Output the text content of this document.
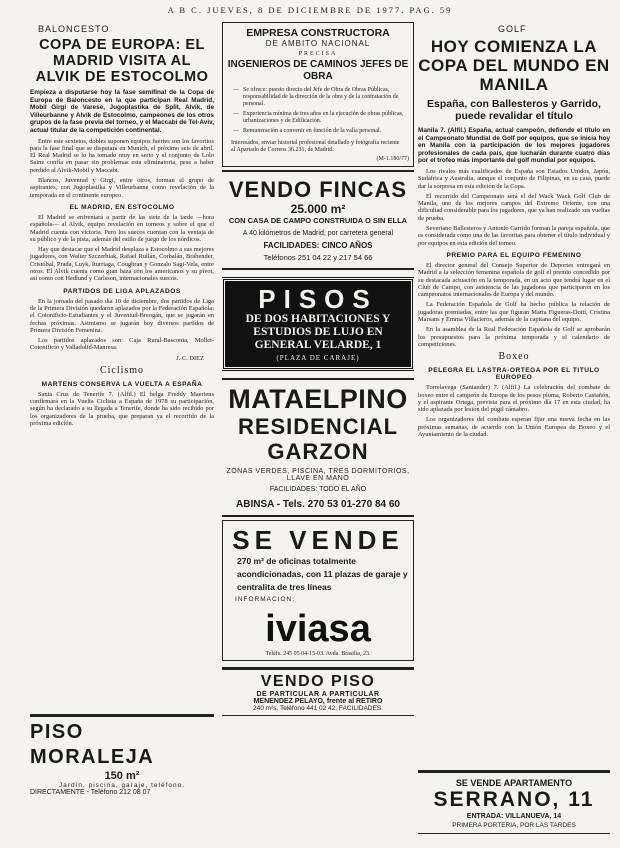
A B C. JUEVES, 8 DE DICIEMBRE DE 1977. PAG. 59
BALONCESTO
COPA DE EUROPA: EL MADRID VISITA AL ALVIK DE ESTOCOLMO

Empieza a disputarse hoy la fase semifinal de la Copa de Europa de Baloncesto en la que participan Real Madrid, Mobil Girgi de Varese, Jugoplastika de Split, Alvik, de Villeurbanne y Alvik de Estocolmo, campeones de los otros grupos de la fase previa del torneo, y el Maccabi de Tel-Aviv, actual titular de la competición continental.

Entre este sextetos, dobles suponen equipos fuertes son los favoritos para la fase final que se disputará en Munich, el próximo seis de abril. El Real Madrid se lo ha tomado muy en serio y el conjunto de Lolo Sainz confía en pasar sin problemas esta eliminatoria, pese a haber perdido al Alvik-Mobil y Maccabi.

Blancos, Juventud y Girgi, entre otros, forman el grupo de aspirantes, con Jugoplastika y Villeurbanne como revelación de la temporada en el continente europeo.

EL MADRID, EN ESTOCOLMO

El Madrid se enfrentará a partir de las siete de la tarde —hora española— al Alvik, equipo revelación en torneos y sobre el que el Madrid cuenta con victoria. Pero los suecos cuentan con la ventaja de su público y de la pista, además del estilo de juego de los nórdicos.

Hay que destacar que el Madrid desplaza a Estocolmo a sus mejores jugadores, con Walter Szczerbiak, Rafael Rullán, Corbalán, Brabender, Cristóbal, Prada, Luyk, Iturriaga, Coughran y Gonzalo Sagi-Vela, entre otros. El Alvik cuenta como gran baza con los americanos y su pívot, así como con Hedlund y Carlsson, internacionales suecos.

PARTIDOS DE LIGA APLAZADOS

En la jornada del pasado día 10 de diciembre, dos partidos de Liga de la Primera División quedaron aplazados por la Federación Española: el Cotonificio-Estudiantes y el Juventud-Breogán, que se jugarán en fechas próximas. Asimismo se jugarán hoy diversos partidos de Primera División Femenina.

Los partidos aplazados son: Caja Rural-Basconia, Mollet-Cotonificio y Valladolid-Manresa.

J. C. DIEZ
Ciclismo
MARTENS CONSERVA LA VUELTA A ESPAÑA

Santa Cruz de Tenerife 7. (Alfil.) El belga Freddy Maertens confirmará en la Vuelta Ciclista a España de 1978 su participación, según ha declarado a su llegada a Tenerife, donde ha sido recibido por los organizadores de la prueba, que preparan ya el recorrido de la próxima edición.

PISO MORALEJA
150 m²
Jardín, piscina, garaje, teléfono.
DIRECTAMENTE - Teléfono 212 08 07
EMPRESA CONSTRUCTORA
DE AMBITO NACIONAL
PRECISA
INGENIEROS DE CAMINOS JEFES DE OBRA
— Se ofrece: puesto directo del Jefe de Obra de Obras Públicas, responsabilidad de la dirección de la obra y de la contratación de personal.
— Experiencia mínima de tres años en la ejecución de obras públicas, urbanizaciones y de Edificación.
— Remuneración a convenir en función de la valía personal.
Interesados, enviar historial profesional detallado y fotografía reciente al Apartado de Correos 36.231, de Madrid.
(M-1.180/77)
VENDO FINCAS
25.000 m²
CON CASA DE CAMPO CONSTRUIDA O SIN ELLA
A 40 kilómetros de Madrid, por carretera general
FACILIDADES: CINCO AÑOS
Teléfonos 251 04 22 y 217 54 66
PISOS
DE DOS HABITACIONES Y ESTUDIOS DE LUJO EN GENERAL VELARDE, 1
(PLAZA DE CARAJE)
MATAELPINO
RESIDENCIAL GARZON
ZONAS VERDES, PISCINA, TRES DORMITORIOS, LLAVE EN MANO
FACILIDADES: TODO EL AÑO
ABINSA - Tels. 270 53 01-270 84 60
SE VENDE
270 m² de oficinas totalmente acondicionadas, con 11 plazas de garaje y centralita de tres líneas
INFORMACION:
iviasa
Teléfs. 245 05 04-15-03. Avda. Brasilia, 23.
VENDO PISO
DE PARTICULAR A PARTICULAR
MENENDEZ PELAYO, frente al RETIRO
240 m²s. Teléfono 441 02 42. FACILIDADES.
GOLF
HOY COMIENZA LA COPA DEL MUNDO EN MANILA
España, con Ballesteros y Garrido, puede revalidar el título

Manila 7. (Alfil.) España, actual campeón, defiende el título en el Campeonato Mundial de Golf por equipos, que se inicia hoy en Manila con la participación de los mejores jugadores profesionales de cada país, que lucharán durante cuatro días por el trofeo más importante del golf mundial por equipos.

Los rivales más cualificados de España son Estados Unidos, Japón, Sudáfrica y Australia, aunque el conjunto de Filipinas, en su casa, puede dar la sorpresa en esta edición de la Copa.

El recorrido del Campeonato será el del Wack Wack Golf Club de Manila, uno de los mejores campos del Extremo Oriente, con una dificultad considerable para los jugadores, que ya han realizado sus vueltas de prueba.

Severiano Ballesteros y Antonio Garrido forman la pareja española, que es considerada como una de las favoritas para obtener el título individual y por equipos en esta edición del torneo.

PREMIO PARA EL EQUIPO FEMENINO

El director general del Consejo Superior de Deportes entregará en Madrid a la selección femenina española de golf el premio concedido por su destacada actuación en la temporada, en un acto que tendrá lugar en el Club de Campo, con asistencia de las jugadoras que participaron en los campeonatos internacionales de Europa y del mundo.

La Federación Española de Golf ha hecho pública la relación de jugadoras premiadas, entre las que figuran Marta Figueras-Dotti, Cristina Marsans y Emma Villacieros, además de la capitana del equipo.

En la asamblea de la Real Federación Española de Golf se aprobarán los presupuestos para la próxima temporada y el calendario de competiciones.

Boxeo
PELEGRA EL LASTRA-ORTEGA POR EL TITULO EUROPEO

Torrelavega (Santander) 7. (Alfil.) La celebración del combate de boxeo entre el campeón de Europa de los pesos pluma, Roberto Castañón, y el aspirante Ortega, prevista para el próximo día 17 en esta ciudad, ha sido aplazada por lesión del púgil cántabro.

Los organizadores del combate esperan fijar una nueva fecha en las próximas semanas, de acuerdo con la Unión Europea de Boxeo y el Ayuntamiento de la ciudad.

SE VENDE APARTAMENTO
SERRANO, 11
ENTRADA: VILLANUEVA, 14
PRIMERA PORTERIA, POR LAS TARDES
